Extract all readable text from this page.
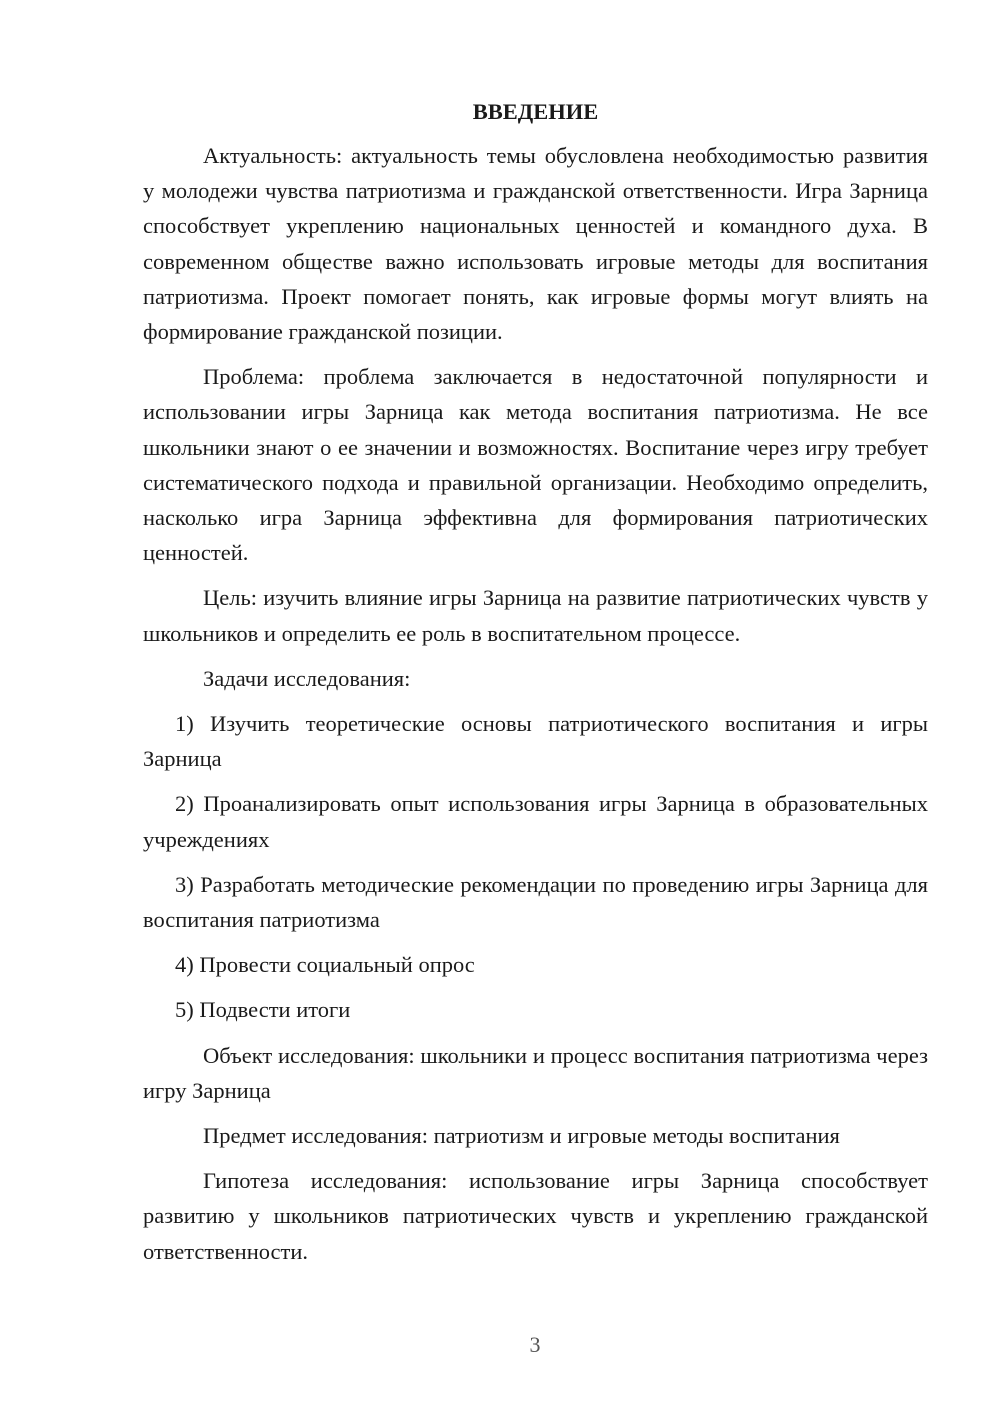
ВВЕДЕНИЕ

Актуальность: актуальность темы обусловлена необходимостью развития у молодежи чувства патриотизма и гражданской ответственности. Игра Зарница способствует укреплению национальных ценностей и командного духа. В современном обществе важно использовать игровые методы для воспитания патриотизма. Проект помогает понять, как игровые формы могут влиять на формирование гражданской позиции.

Проблема: проблема заключается в недостаточной популярности и использовании игры Зарница как метода воспитания патриотизма. Не все школьники знают о ее значении и возможностях. Воспитание через игру требует систематического подхода и правильной организации. Необходимо определить, насколько игра Зарница эффективна для формирования патриотических ценностей.

Цель: изучить влияние игры Зарница на развитие патриотических чувств у школьников и определить ее роль в воспитательном процессе.

Задачи исследования:

1) Изучить теоретические основы патриотического воспитания и игры Зарница

2) Проанализировать опыт использования игры Зарница в образовательных учреждениях

3) Разработать методические рекомендации по проведению игры Зарница для воспитания патриотизма

4) Провести социальный опрос

5) Подвести итоги

Объект исследования: школьники и процесс воспитания патриотизма через игру Зарница

Предмет исследования: патриотизм и игровые методы воспитания

Гипотеза исследования: использование игры Зарница способствует развитию у школьников патриотических чувств и укреплению гражданской ответственности.

3
